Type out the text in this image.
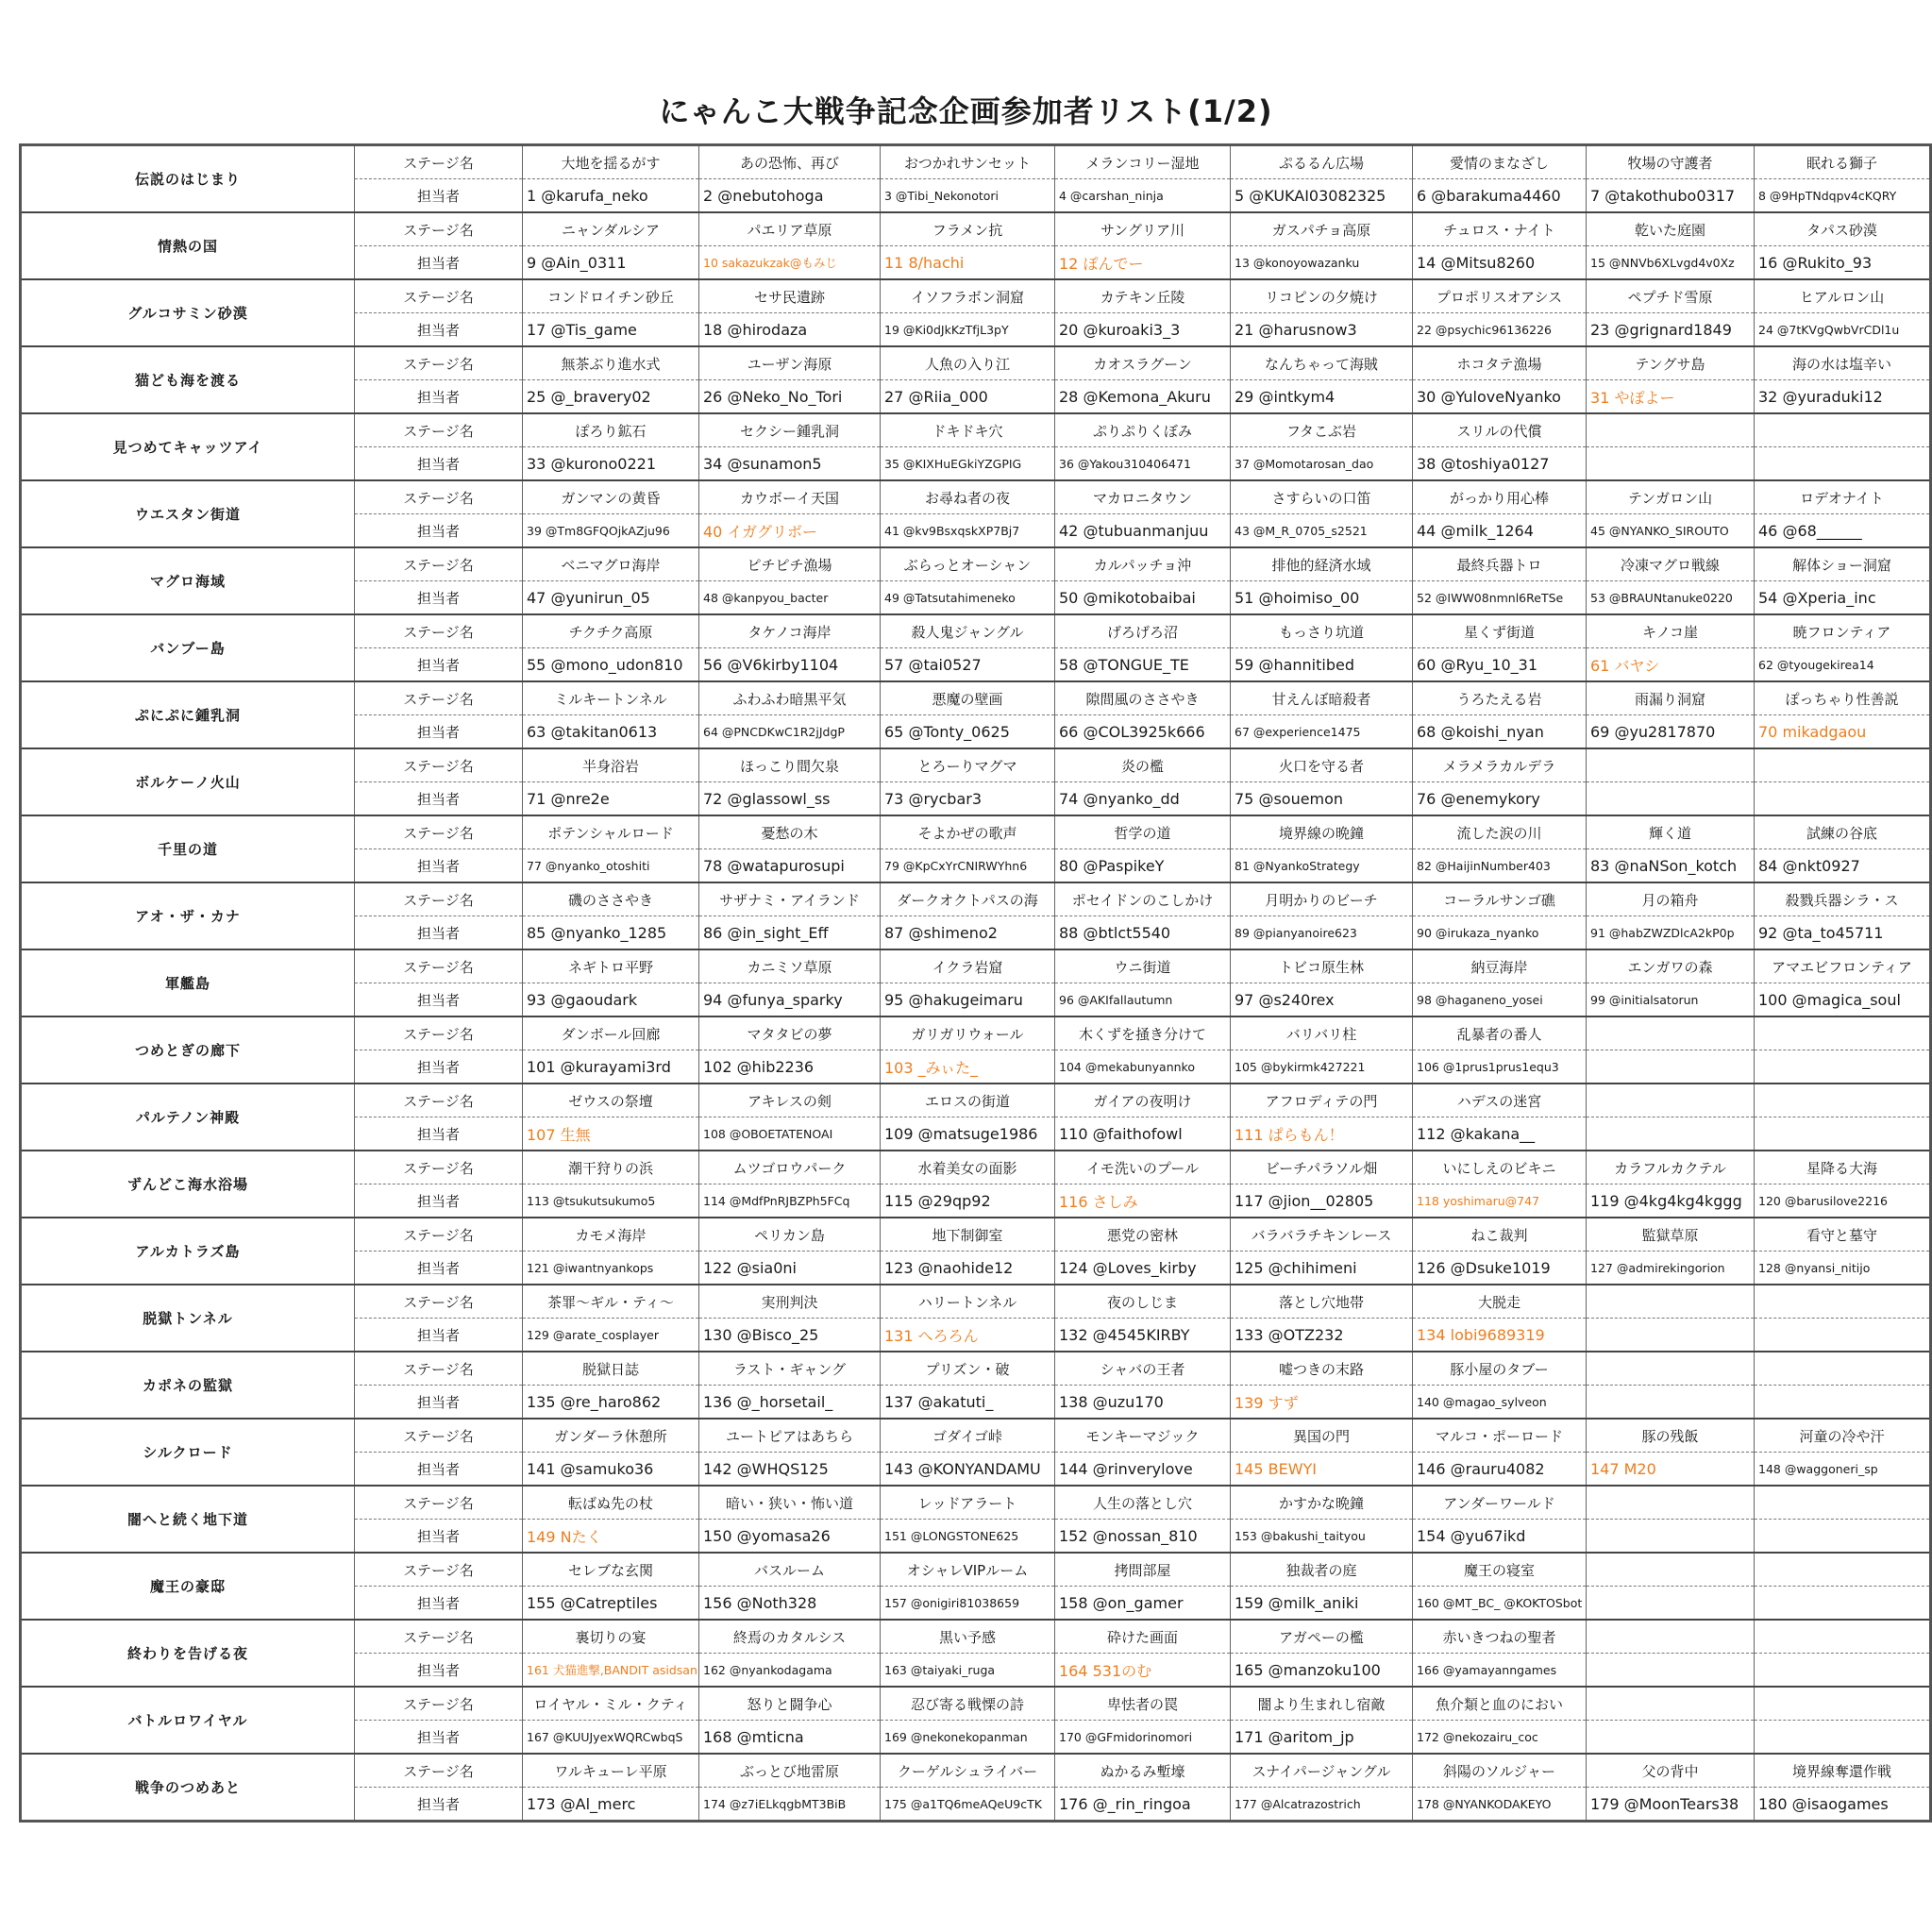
にゃんこ大戦争記念企画参加者リスト(1/2)
伝説のはじまり	ステージ名	大地を揺るがす	あの恐怖、再び	おつかれサンセット	メランコリー湿地	ぷるるん広場	愛情のまなざし	牧場の守護者	眠れる獅子
	担当者	1 @karufa_neko	2 @nebutohoga	3 @Tibi_Nekonotori	4 @carshan_ninja	5 @KUKAI03082325	6 @barakuma4460	7 @takothubo0317	8 @9HpTNdqpv4cKQRY
情熱の国	ステージ名	ニャンダルシア	パエリア草原	フラメン抗	サングリア川	ガスパチョ高原	チュロス・ナイト	乾いた庭園	タパス砂漠
	担当者	9 @Ain_0311	10 sakazukzak@もみじ	11 8/hachi	12 ぽんでー	13 @konoyowazanku	14 @Mitsu8260	15 @NNVb6XLvgd4v0Xz	16 @Rukito_93
グルコサミン砂漠	ステージ名	コンドロイチン砂丘	セサ民遺跡	イソフラボン洞窟	カテキン丘陵	リコピンの夕焼け	プロポリスオアシス	ペプチド雪原	ヒアルロン山
	担当者	17 @Tis_game	18 @hirodaza	19 @Ki0dJkKzTfjL3pY	20 @kuroaki3_3	21 @harusnow3	22 @psychic96136226	23 @grignard1849	24 @7tKVgQwbVrCDl1u
猫ども海を渡る	ステージ名	無茶ぶり進水式	ユーザン海原	人魚の入り江	カオスラグーン	なんちゃって海賊	ホコタテ漁場	テングサ島	海の水は塩辛い
	担当者	25 @_bravery02	26 @Neko_No_Tori	27 @Riia_000	28 @Kemona_Akuru	29 @intkym4	30 @YuloveNyanko	31 やぽよー	32 @yuraduki12
見つめてキャッツアイ	ステージ名	ぽろり鉱石	セクシー鍾乳洞	ドキドキ穴	ぷりぷりくぼみ	フタこぶ岩	スリルの代償		
	担当者	33 @kurono0221	34 @sunamon5	35 @KIXHuEGkiYZGPIG	36 @Yakou310406471	37 @Momotarosan_dao	38 @toshiya0127		
ウエスタン街道	ステージ名	ガンマンの黄昏	カウボーイ天国	お尋ね者の夜	マカロニタウン	さすらいの口笛	がっかり用心棒	テンガロン山	ロデオナイト
	担当者	39 @Tm8GFQOjkAZju96	40 イガグリボー	41 @kv9BsxqskXP7Bj7	42 @tubuanmanjuu	43 @M_R_0705_s2521	44 @milk_1264	45 @NYANKO_SIROUTO	46 @68______
マグロ海域	ステージ名	ベニマグロ海岸	ピチピチ漁場	ぶらっとオーシャン	カルパッチョ沖	排他的経済水域	最終兵器トロ	冷凍マグロ戦線	解体ショー洞窟
	担当者	47 @yunirun_05	48 @kanpyou_bacter	49 @Tatsutahimeneko	50 @mikotobaibai	51 @hoimiso_00	52 @IWW08nmnl6ReTSe	53 @BRAUNtanuke0220	54 @Xperia_inc
バンブー島	ステージ名	チクチク高原	タケノコ海岸	殺人鬼ジャングル	げろげろ沼	もっさり坑道	星くず街道	キノコ崖	暁フロンティア
	担当者	55 @mono_udon810	56 @V6kirby1104	57 @tai0527	58 @TONGUE_TE	59 @hannitibed	60 @Ryu_10_31	61 バヤシ	62 @tyougekirea14
ぷにぷに鍾乳洞	ステージ名	ミルキートンネル	ふわふわ暗黒平気	悪魔の壁画	隙間風のささやき	甘えんぼ暗殺者	うろたえる岩	雨漏り洞窟	ぽっちゃり性善説
	担当者	63 @takitan0613	64 @PNCDKwC1R2jJdgP	65 @Tonty_0625	66 @COL3925k666	67 @experience1475	68 @koishi_nyan	69 @yu2817870	70 mikadgaou
ボルケーノ火山	ステージ名	半身浴岩	ほっこり間欠泉	とろーりマグマ	炎の檻	火口を守る者	メラメラカルデラ		
	担当者	71 @nre2e	72 @glassowl_ss	73 @rycbar3	74 @nyanko_dd	75 @souemon	76 @enemykory		
千里の道	ステージ名	ポテンシャルロード	憂愁の木	そよかぜの歌声	哲学の道	境界線の晩鐘	流した涙の川	輝く道	試練の谷底
	担当者	77 @nyanko_otoshiti	78 @watapurosupi	79 @KpCxYrCNIRWYhn6	80 @PaspikeY	81 @NyankoStrategy	82 @HaijinNumber403	83 @naNSon_kotch	84 @nkt0927
アオ・ザ・カナ	ステージ名	磯のささやき	サザナミ・アイランド	ダークオクトパスの海	ポセイドンのこしかけ	月明かりのビーチ	コーラルサンゴ礁	月の箱舟	殺戮兵器シラ・ス
	担当者	85 @nyanko_1285	86 @in_sight_Eff	87 @shimeno2	88 @btlct5540	89 @pianyanoire623	90 @irukaza_nyanko	91 @habZWZDlcA2kP0p	92 @ta_to45711
軍艦島	ステージ名	ネギトロ平野	カニミソ草原	イクラ岩窟	ウニ街道	トビコ原生林	納豆海岸	エンガワの森	アマエビフロンティア
	担当者	93 @gaoudark	94 @funya_sparky	95 @hakugeimaru	96 @AKIfallautumn	97 @s240rex	98 @haganeno_yosei	99 @initialsatorun	100 @magica_soul
つめとぎの廊下	ステージ名	ダンボール回廊	マタタビの夢	ガリガリウォール	木くずを掻き分けて	バリバリ柱	乱暴者の番人		
	担当者	101 @kurayami3rd	102 @hib2236	103 _みぃた_	104 @mekabunyannko	105 @bykirmk427221	106 @1prus1prus1equ3		
パルテノン神殿	ステージ名	ゼウスの祭壇	アキレスの剣	エロスの街道	ガイアの夜明け	アフロディテの門	ハデスの迷宮		
	担当者	107 生無	108 @OBOETATENOAI	109 @matsuge1986	110 @faithofowl	111 ぱらもん！	112 @kakana__		
ずんどこ海水浴場	ステージ名	潮干狩りの浜	ムツゴロウパーク	水着美女の面影	イモ洗いのプール	ビーチパラソル畑	いにしえのビキニ	カラフルカクテル	星降る大海
	担当者	113 @tsukutsukumo5	114 @MdfPnRJBZPh5FCq	115 @29qp92	116 さしみ	117 @jion__02805	118 yoshimaru@747	119 @4kg4kg4kggg	120 @barusilove2216
アルカトラズ島	ステージ名	カモメ海岸	ペリカン島	地下制御室	悪党の密林	バラバラチキンレース	ねこ裁判	監獄草原	看守と墓守
	担当者	121 @iwantnyankops	122 @sia0ni	123 @naohide12	124 @Loves_kirby	125 @chihimeni	126 @Dsuke1019	127 @admirekingorion	128 @nyansi_nitijo
脱獄トンネル	ステージ名	茶罪～ギル・ティ～	実刑判決	ハリートンネル	夜のしじま	落とし穴地帯	大脱走		
	担当者	129 @arate_cosplayer	130 @Bisco_25	131 へろろん	132 @4545KIRBY	133 @OTZ232	134 lobi9689319		
カポネの監獄	ステージ名	脱獄日誌	ラスト・ギャング	プリズン・破	シャバの王者	嘘つきの末路	豚小屋のタブー		
	担当者	135 @re_haro862	136 @_horsetail_	137 @akatuti_	138 @uzu170	139 すず	140 @magao_sylveon		
シルクロード	ステージ名	ガンダーラ休憩所	ユートピアはあちら	ゴダイゴ峠	モンキーマジック	異国の門	マルコ・ポーロード	豚の残飯	河童の冷や汗
	担当者	141 @samuko36	142 @WHQS125	143 @KONYANDAMU	144 @rinverylove	145 BEWYI	146 @rauru4082	147 M20	148 @waggoneri_sp
闇へと続く地下道	ステージ名	転ばぬ先の杖	暗い・狭い・怖い道	レッドアラート	人生の落とし穴	かすかな晩鐘	アンダーワールド		
	担当者	149 Nたく	150 @yomasa26	151 @LONGSTONE625	152 @nossan_810	153 @bakushi_taityou	154 @yu67ikd		
魔王の豪邸	ステージ名	セレブな玄関	バスルーム	オシャレVIPルーム	拷問部屋	独裁者の庭	魔王の寝室		
	担当者	155 @Catreptiles	156 @Noth328	157 @onigiri81038659	158 @on_gamer	159 @milk_aniki	160 @MT_BC_ @KOKTOSbot		
終わりを告げる夜	ステージ名	裏切りの宴	終焉のカタルシス	黒い予感	砕けた画面	アガペーの檻	赤いきつねの聖者		
	担当者	161 犬猫進撃,BANDIT asidsan	162 @nyankodagama	163 @taiyaki_ruga	164 531のむ	165 @manzoku100	166 @yamayanngames		
バトルロワイヤル	ステージ名	ロイヤル・ミル・クティ	怒りと闘争心	忍び寄る戦慄の詩	卑怯者の罠	闇より生まれし宿敵	魚介類と血のにおい		
	担当者	167 @KUUJyexWQRCwbqS	168 @mticna	169 @nekonekopanman	170 @GFmidorinomori	171 @aritom_jp	172 @nekozairu_coc		
戦争のつめあと	ステージ名	ワルキューレ平原	ぶっとび地雷原	クーゲルシュライバー	ぬかるみ塹壕	スナイパージャングル	斜陽のソルジャー	父の背中	境界線奪還作戦
	担当者	173 @Al_merc	174 @z7iELkqgbMT3BiB	175 @a1TQ6meAQeU9cTK	176 @_rin_ringoa	177 @Alcatrazostrich	178 @NYANKODAKEYO	179 @MoonTears38	180 @isaogames
